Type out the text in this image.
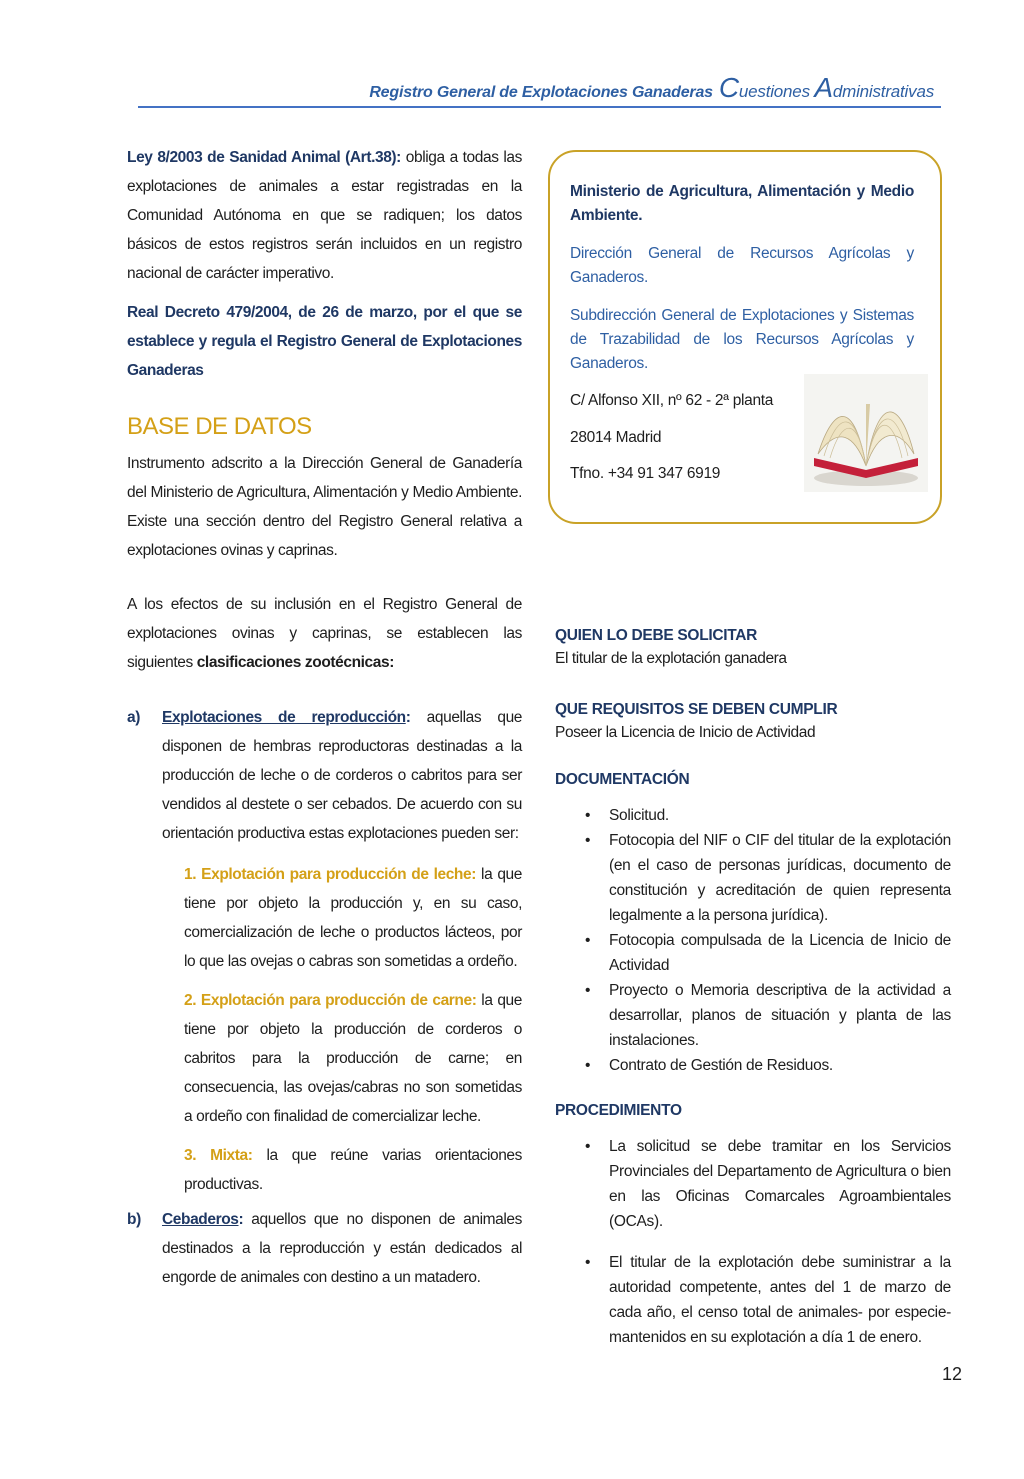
Registro General de Explotaciones Ganaderas Cuestiones Administrativas

Ley 8/2003 de Sanidad Animal (Art.38): obliga a todas las explotaciones de animales a estar registradas en la Comunidad Autónoma en que se radiquen; los datos básicos de estos registros serán incluidos en un registro nacional de carácter imperativo.

Real Decreto 479/2004, de 26 de marzo, por el que se establece y regula el Registro General de Explotaciones Ganaderas

BASE DE DATOS

Instrumento adscrito a la Dirección General de Ganadería del Ministerio de Agricultura, Alimentación y Medio Ambiente. Existe una sección dentro del Registro General relativa a explotaciones ovinas y caprinas.

A los efectos de su inclusión en el Registro General de explotaciones ovinas y caprinas, se establecen las siguientes clasificaciones zootécnicas:

a) Explotaciones de reproducción: aquellas que disponen de hembras reproductoras destinadas a la producción de leche o de corderos o cabritos para ser vendidos al destete o ser cebados. De acuerdo con su orientación productiva estas explotaciones pueden ser:

1. Explotación para producción de leche: la que tiene por objeto la producción y, en su caso, comercialización de leche o productos lácteos, por lo que las ovejas o cabras son sometidas a ordeño.

2. Explotación para producción de carne: la que tiene por objeto la producción de corderos o cabritos para la producción de carne; en consecuencia, las ovejas/cabras no son sometidas a ordeño con finalidad de comercializar leche.

3. Mixta: la que reúne varias orientaciones productivas.

b) Cebaderos: aquellos que no disponen de animales destinados a la reproducción y están dedicados al engorde de animales con destino a un matadero.

Ministerio de Agricultura, Alimentación y Medio Ambiente.

Dirección General de Recursos Agrícolas y Ganaderos.

Subdirección General de Explotaciones y Sistemas de Trazabilidad de los Recursos Agrícolas y Ganaderos.

C/ Alfonso XII, nº 62 - 2ª planta

28014 Madrid

Tfno. +34 91 347 6919

QUIEN LO DEBE SOLICITAR

El titular de la explotación ganadera

QUE REQUISITOS SE DEBEN CUMPLIR

Poseer la Licencia de Inicio de Actividad

DOCUMENTACIÓN

• Solicitud.

• Fotocopia del NIF o CIF del titular de la explotación (en el caso de personas jurídicas, documento de constitución y acreditación de quien representa legalmente a la persona jurídica).

• Fotocopia compulsada de la Licencia de Inicio de Actividad

• Proyecto o Memoria descriptiva de la actividad a desarrollar, planos de situación y planta de las instalaciones.

• Contrato de Gestión de Residuos.

PROCEDIMIENTO

• La solicitud se debe tramitar en los Servicios Provinciales del Departamento de Agricultura o bien en las Oficinas Comarcales Agroambientales (OCAs).

• El titular de la explotación debe suministrar a la autoridad competente, antes del 1 de marzo de cada año, el censo total de animales- por especie- mantenidos en su explotación a día 1 de enero.

12
